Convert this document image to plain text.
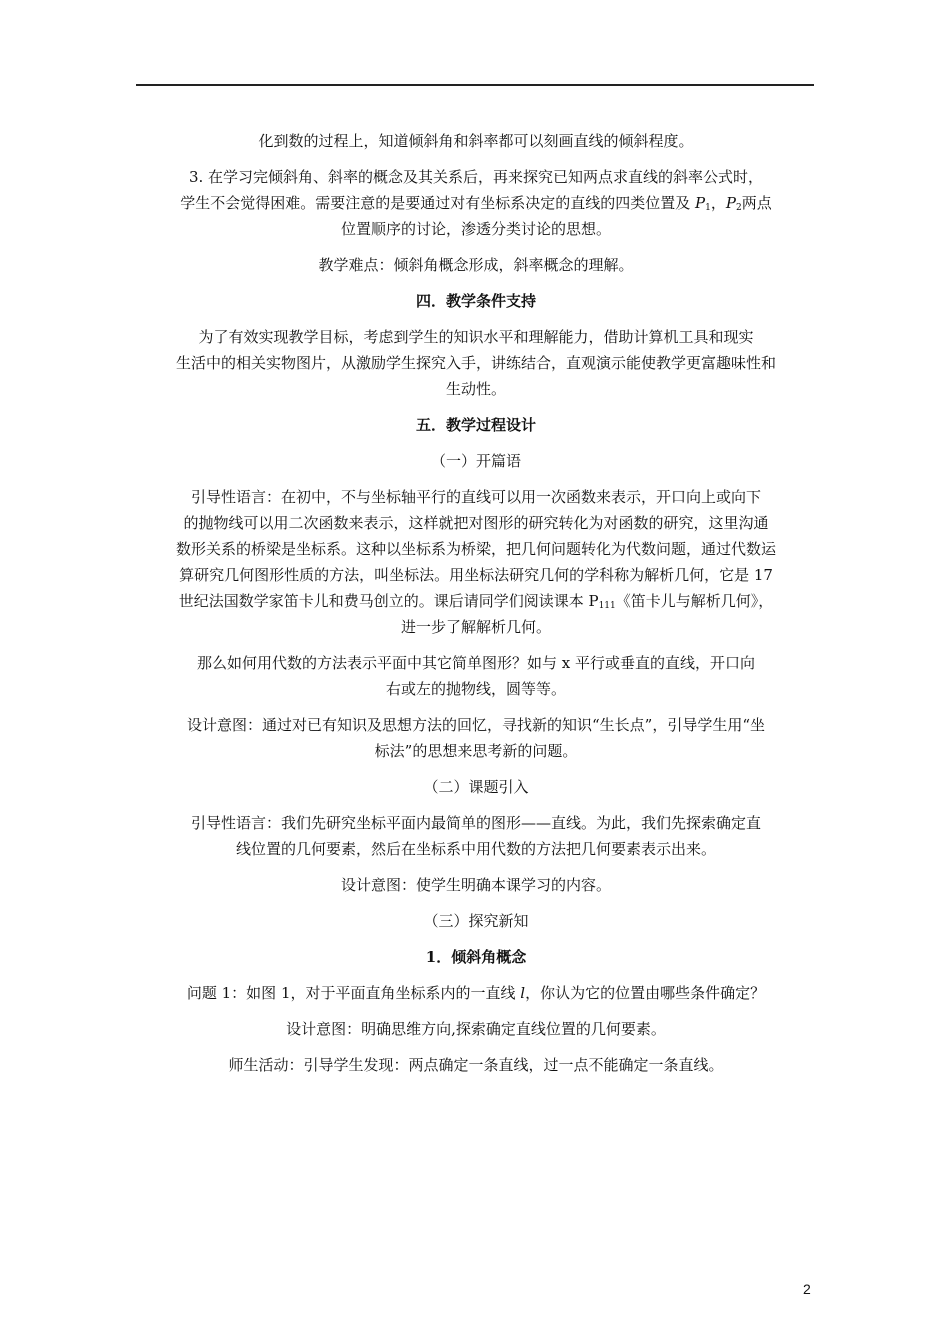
化到数的过程上，知道倾斜角和斜率都可以刻画直线的倾斜程度。

3. 在学习完倾斜角、斜率的概念及其关系后，再来探究已知两点求直线的斜率公式时，
学生不会觉得困难。需要注意的是要通过对有坐标系决定的直线的四类位置及 $P_1$，$P_2$两点
位置顺序的讨论，渗透分类讨论的思想。

教学难点：倾斜角概念形成，斜率概念的理解。

四．教学条件支持

为了有效实现教学目标，考虑到学生的知识水平和理解能力，借助计算机工具和现实
生活中的相关实物图片，从激励学生探究入手，讲练结合，直观演示能使教学更富趣味性和
生动性。

五．教学过程设计

（一）开篇语

引导性语言：在初中，不与坐标轴平行的直线可以用一次函数来表示，开口向上或向下
的抛物线可以用二次函数来表示，这样就把对图形的研究转化为对函数的研究，这里沟通
数形关系的桥梁是坐标系。这种以坐标系为桥梁，把几何问题转化为代数问题，通过代数运
算研究几何图形性质的方法，叫坐标法。用坐标法研究几何的学科称为解析几何，它是 17
世纪法国数学家笛卡儿和费马创立的。课后请同学们阅读课本 $P_{111}$《笛卡儿与解析几何》，
进一步了解解析几何。

那么如何用代数的方法表示平面中其它简单图形？如与 x 平行或垂直的直线，开口向
右或左的抛物线，圆等等。

设计意图：通过对已有知识及思想方法的回忆，寻找新的知识“生长点”，引导学生用“坐
标法”的思想来思考新的问题。

（二）课题引入

引导性语言：我们先研究坐标平面内最简单的图形——直线。为此，我们先探索确定直
线位置的几何要素，然后在坐标系中用代数的方法把几何要素表示出来。

设计意图：使学生明确本课学习的内容。

（三）探究新知

1．倾斜角概念

问题 1：如图 1，对于平面直角坐标系内的一直线 l，你认为它的位置由哪些条件确定？

设计意图：明确思维方向,探索确定直线位置的几何要素。

师生活动：引导学生发现：两点确定一条直线，过一点不能确定一条直线。

2
